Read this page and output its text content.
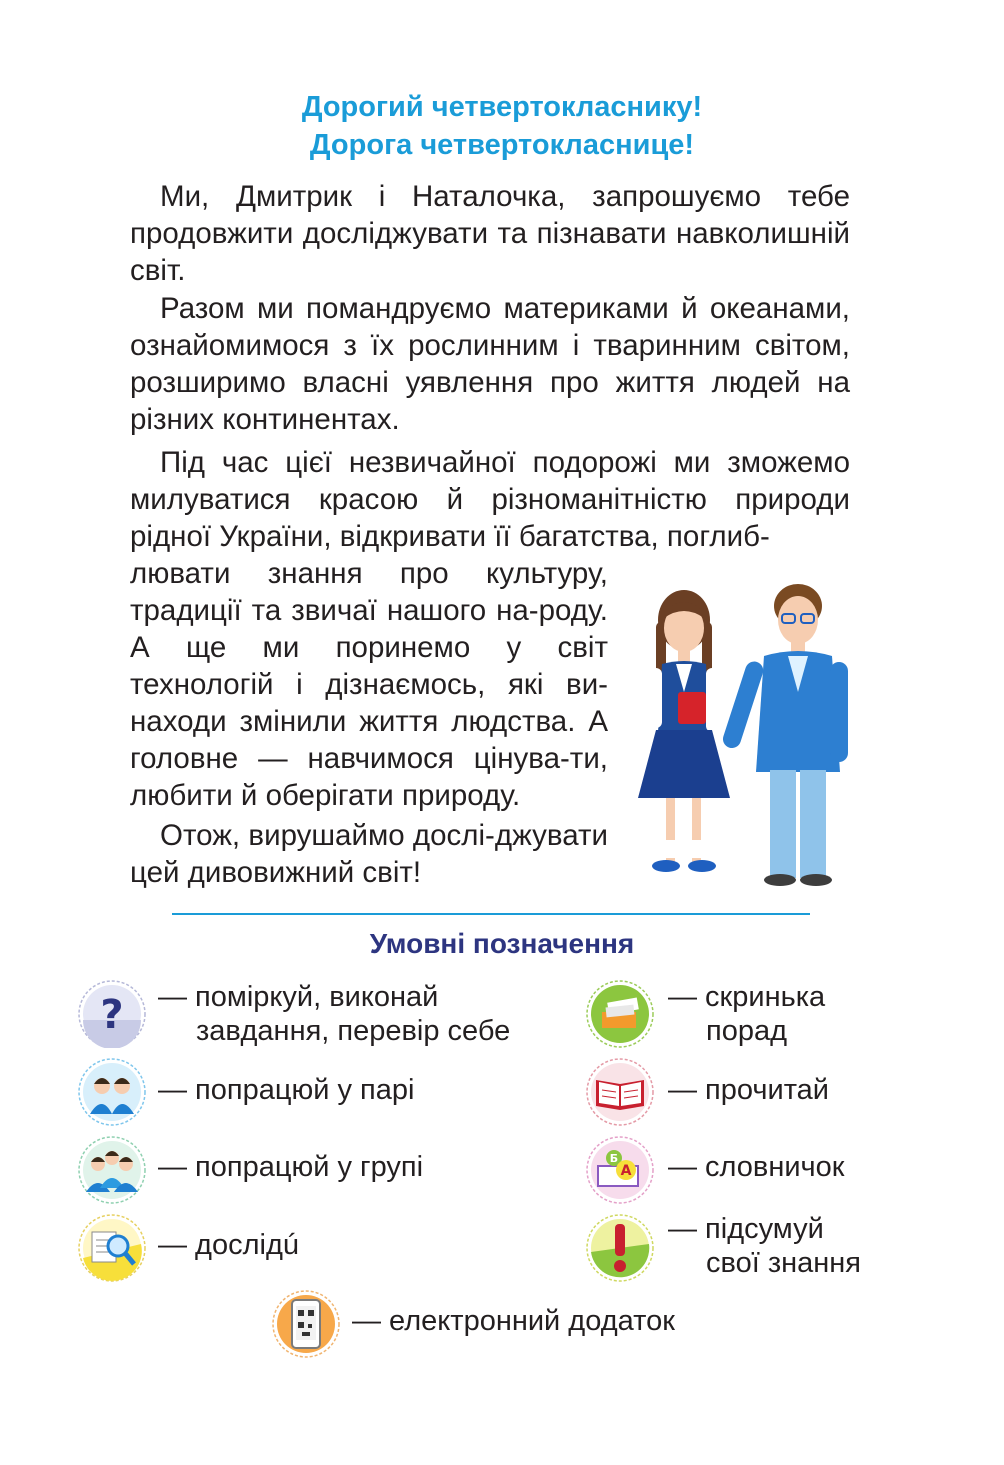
Дорогий четвертокласнику!
Дорога четвертокласнице!

Ми, Дмитрик і Наталочка, запрошуємо тебе продовжити досліджувати та пізнавати навколишній світ.

Разом ми помандруємо материками й океанами, ознайомимося з їх рослинним і тваринним світом, розширимо власні уявлення про життя людей на різних континентах.

Під час цієї незвичайної подорожі ми зможемо милуватися красою й різноманітністю природи рідної України, відкривати її багатства, поглиб-

лювати знання про культуру, традиції та звичаї нашого на-роду. А ще ми поринемо у світ технологій і дізнаємось, які ви-находи змінили життя людства. А головне — навчимося цінува-ти, любити й оберігати природу.

Отож, вирушаймо дослі-джувати цей дивовижний світ!

Умовні позначення
?
Б
А

— поміркуй, виконай
завдання, перевір себе

— попрацюй у парі

— попрацюй у групі

— дослідú

— скринька
порад

— прочитай

— словничок

— підсумуй
свої знання

— електронний додаток
